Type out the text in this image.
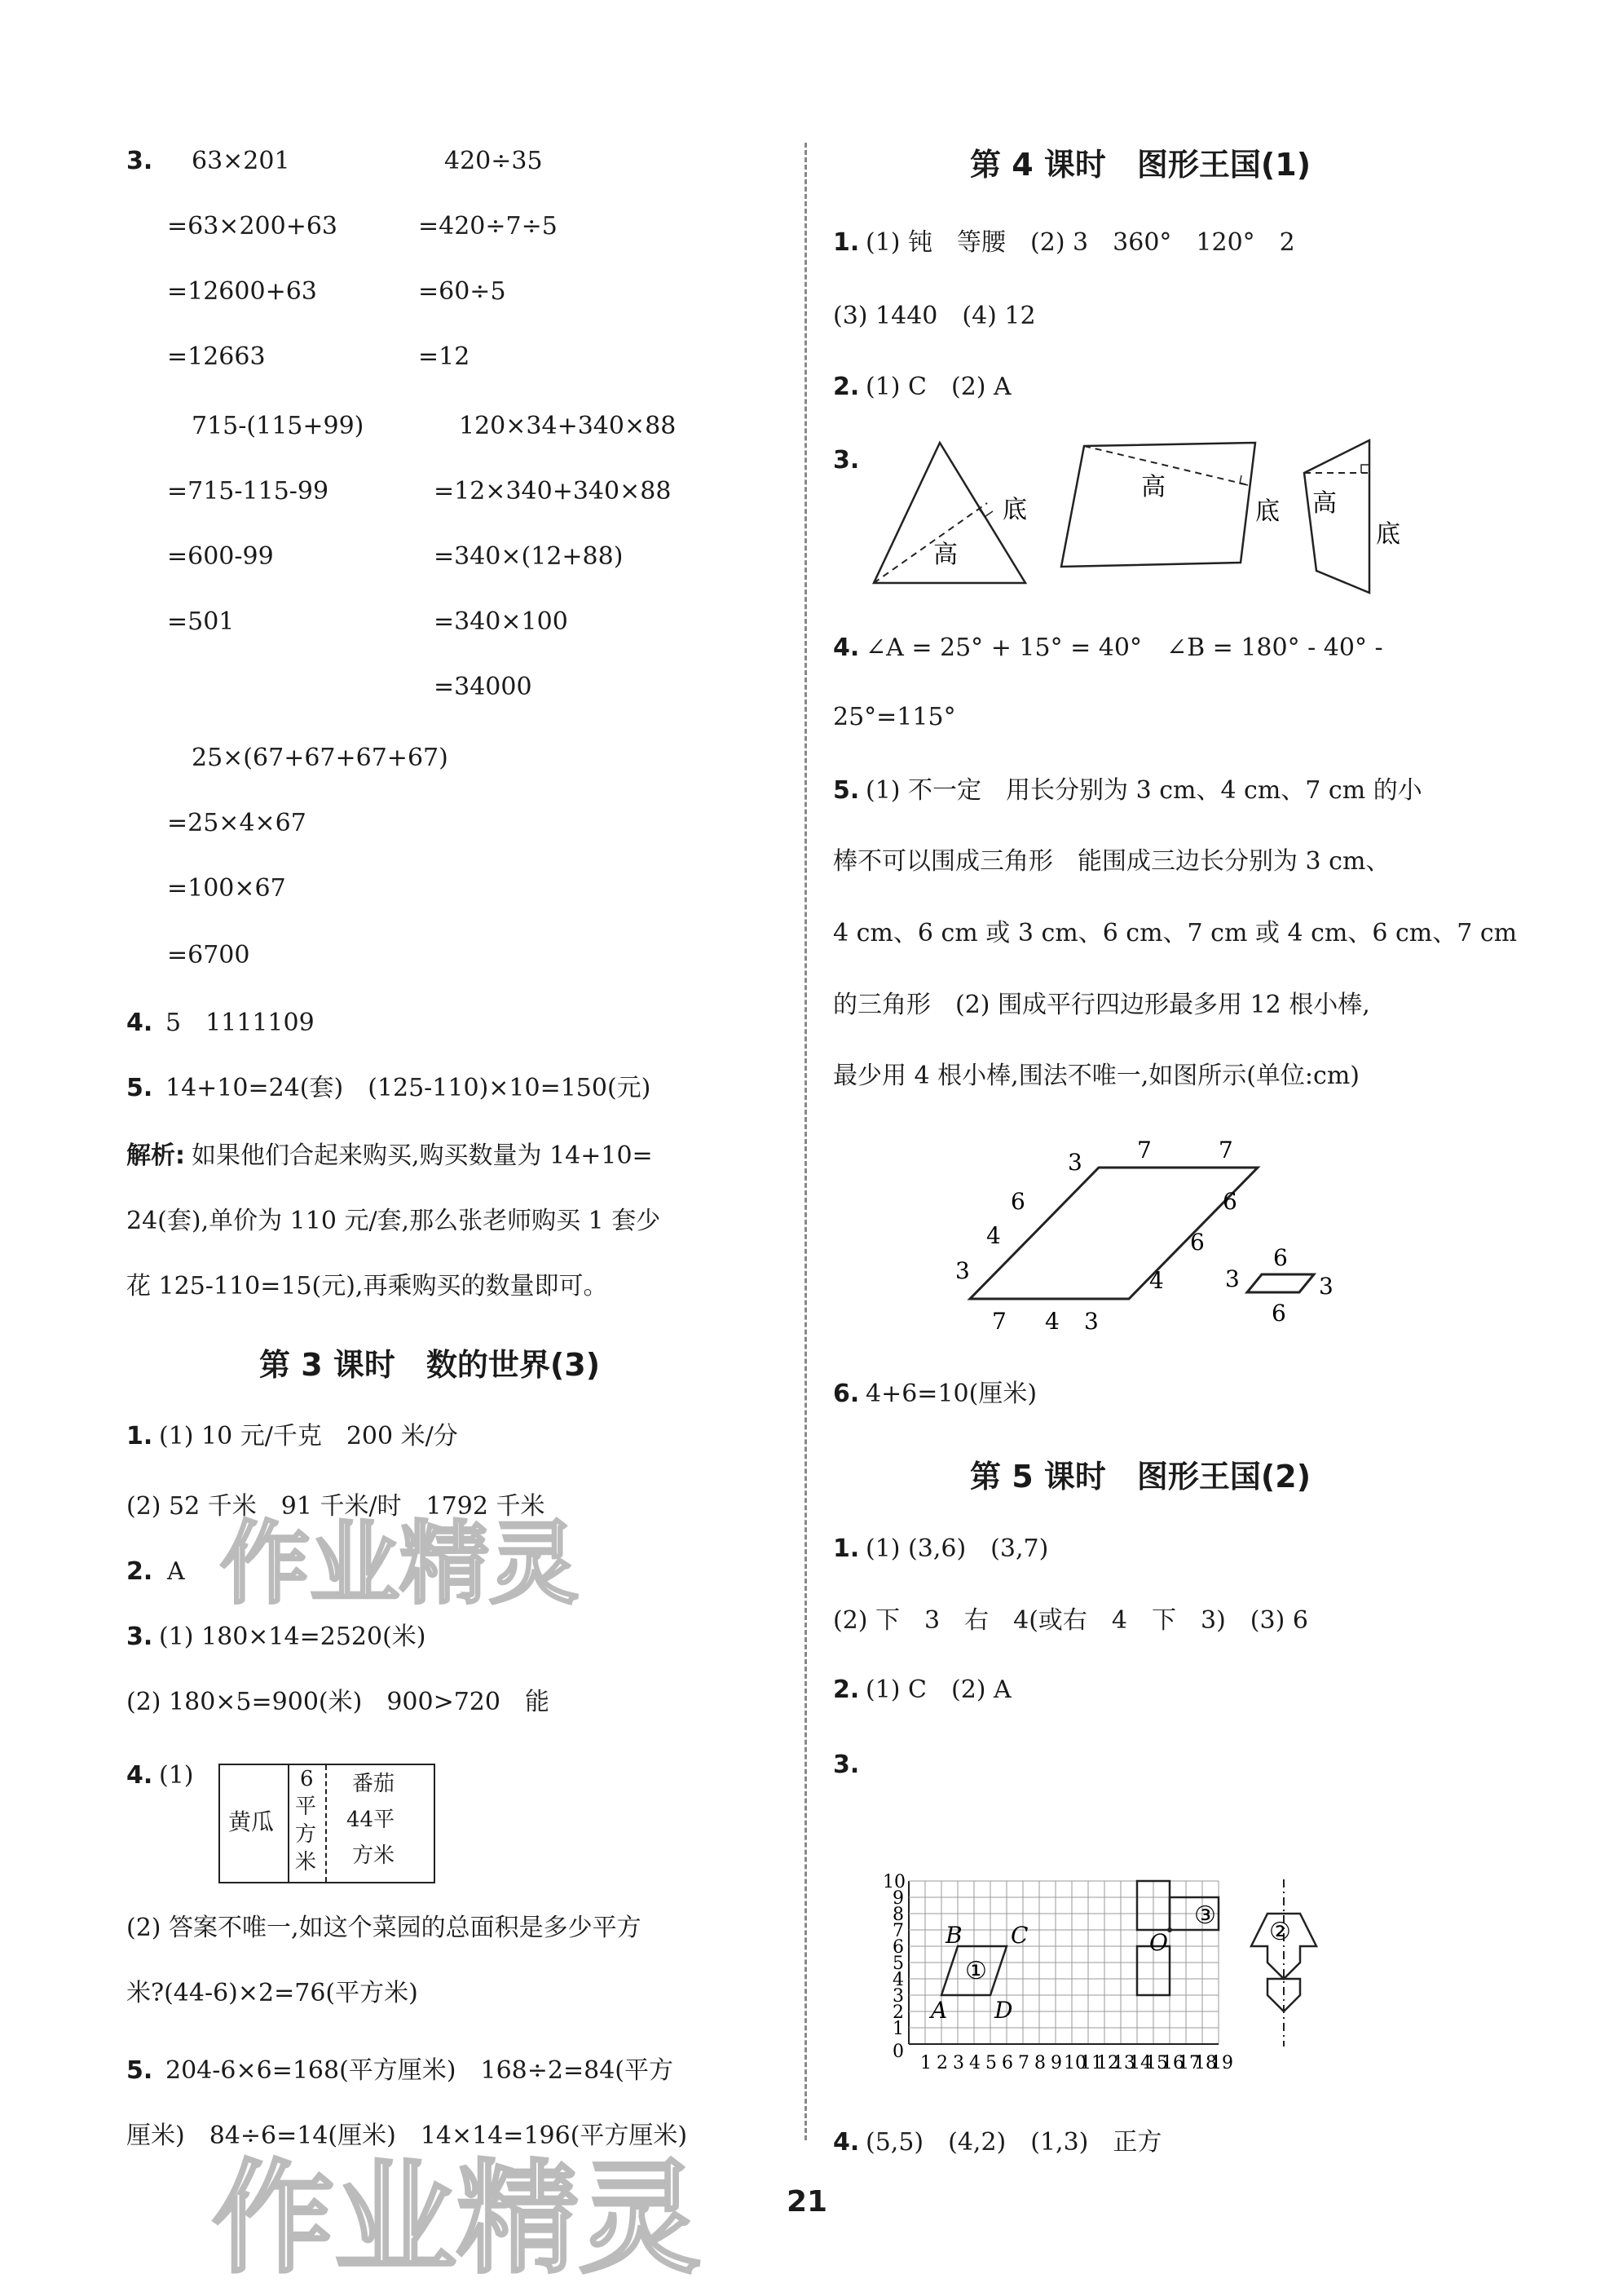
作业精灵
作业精灵
3. 63×201	420÷35
=63×200+63	=420÷7÷5
=12600+63	=60÷5
=12663	=12
715-(115+99)	120×34+340×88
=715-115-99	=12×340+340×88
=600-99	=340×(12+88)
=501	=340×100
=34000
25×(67+67+67+67)
=25×4×67
=100×67
=6700
4. 5　1111109
5. 14+10=24(套)　(125-110)×10=150(元)
解析: 如果他们合起来购买,购买数量为 14+10=
24(套),单价为 110 元/套,那么张老师购买 1 套少
花 125-110=15(元),再乘购买的数量即可。
第 3 课时　数的世界(3)
1. (1) 10 元/千克　200 米/分
(2) 52 千米　91 千米/时　1792 千米
2. A
3. (1) 180×14=2520(米)
(2) 180×5=900(米)　900>720　能
4. (1)
黄瓜
6
平
方
米
番茄
44平
方米
(2) 答案不唯一,如这个菜园的总面积是多少平方
米?(44-6)×2=76(平方米)
5. 204-6×6=168(平方厘米)　168÷2=84(平方
厘米)　84÷6=14(厘米)　14×14=196(平方厘米)
第 4 课时　图形王国(1)
1. (1) 钝　等腰　(2) 3　360°　120°　2
(3) 1440　(4) 12
2. (1) C　(2) A
3.
底
高
高
底 高
底
4. ∠A = 25° + 15° = 40°　∠B = 180° - 40° -
25°=115°
5. (1) 不一定　用长分别为 3 cm、4 cm、7 cm 的小
棒不可以围成三角形　能围成三边长分别为 3 cm、
4 cm、6 cm 或 3 cm、6 cm、7 cm 或 4 cm、6 cm、7 cm
的三角形　(2) 围成平行四边形最多用 12 根小棒,
最少用 4 根小棒,围法不唯一,如图所示(单位:cm)
3 7	7
6
6
4
7 4 3
6
4
3	6
3
6
3
6. 4+6=10(厘米)
第 5 课时　图形王国(2)
1. (1) (3,6)　(3,7)
(2) 下　3　右　4(或右　4　下　3)　(3) 6
2. (1) C　(2) A
3.
1 2 3 4 5 6 7 8 9 10
11
12
13
14
15
16
17
18
19
0
1
2
3
4
5
6
7
8
9
10
A
B C
D
O
①
②
③
4. (5,5)　(4,2)　(1,3)　正方
21
